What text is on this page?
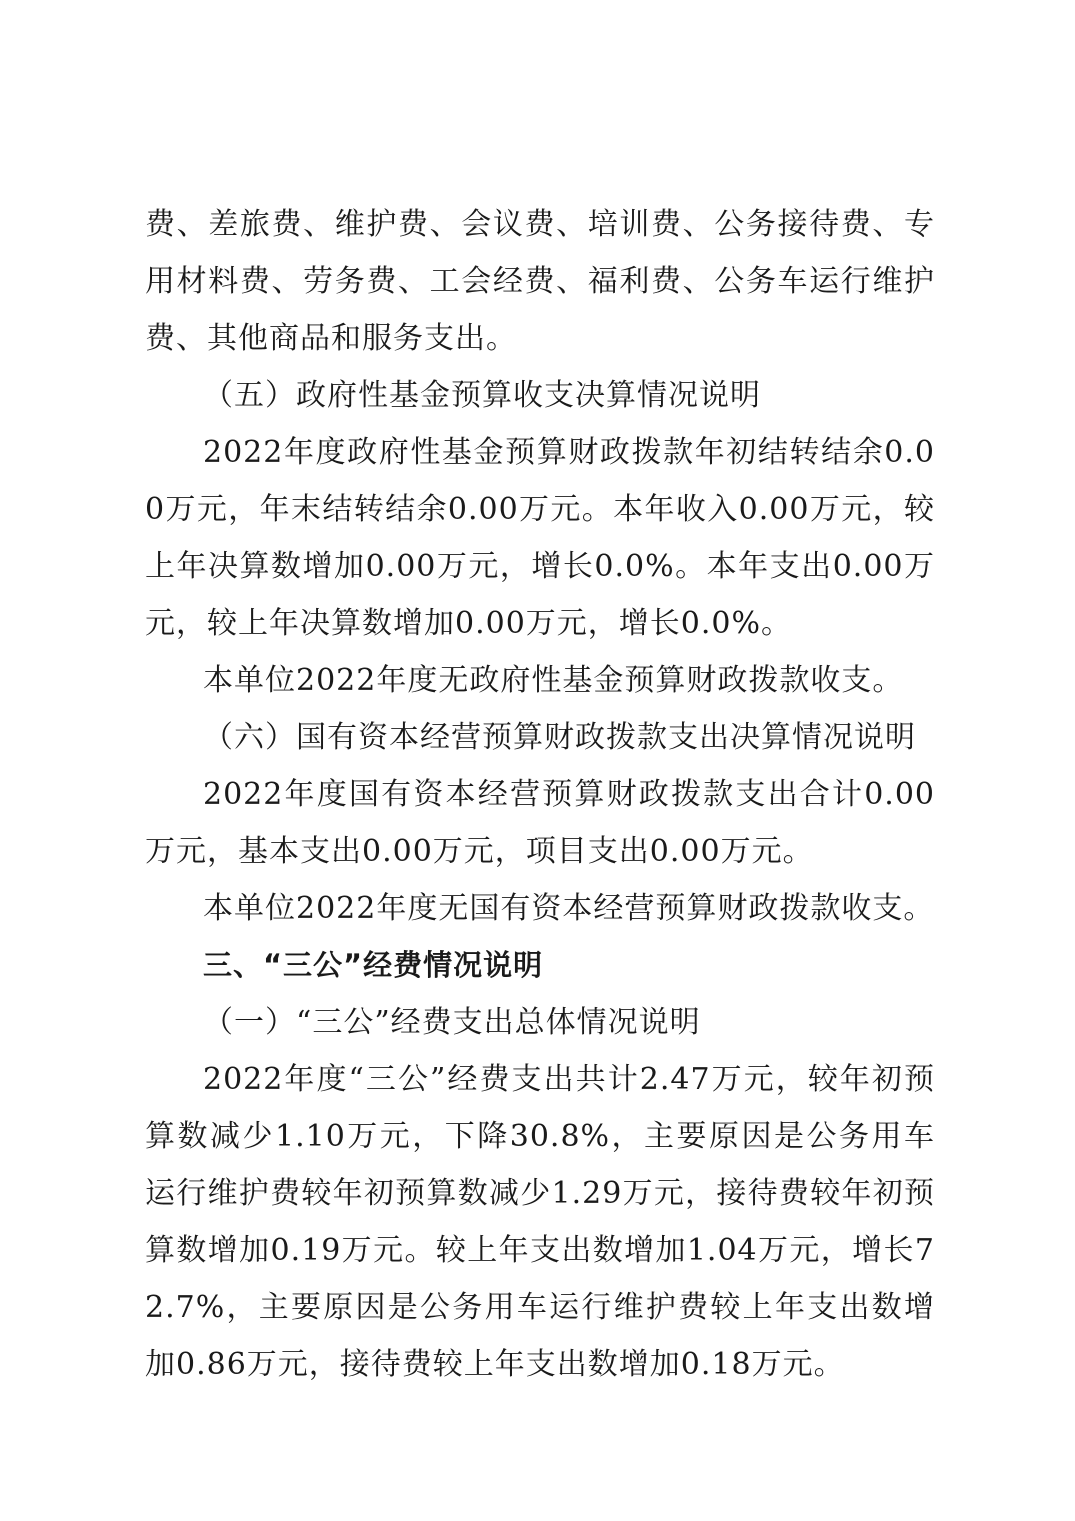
费、差旅费、维护费、会议费、培训费、公务接待费、专用材料费、劳务费、工会经费、福利费、公务车运行维护费、其他商品和服务支出。

（五）政府性基金预算收支决算情况说明

2022年度政府性基金预算财政拨款年初结转结余0.00万元，年末结转结余0.00万元。本年收入0.00万元，较上年决算数增加0.00万元，增长0.0%。本年支出0.00万元，较上年决算数增加0.00万元，增长0.0%。

本单位2022年度无政府性基金预算财政拨款收支。

（六）国有资本经营预算财政拨款支出决算情况说明

2022年度国有资本经营预算财政拨款支出合计0.00万元，基本支出0.00万元，项目支出0.00万元。

本单位2022年度无国有资本经营预算财政拨款收支。

三、“三公”经费情况说明

（一）“三公”经费支出总体情况说明

2022年度“三公”经费支出共计2.47万元，较年初预算数减少1.10万元，下降30.8%，主要原因是公务用车运行维护费较年初预算数减少1.29万元，接待费较年初预算数增加0.19万元。较上年支出数增加1.04万元，增长72.7%，主要原因是公务用车运行维护费较上年支出数增加0.86万元，接待费较上年支出数增加0.18万元。
